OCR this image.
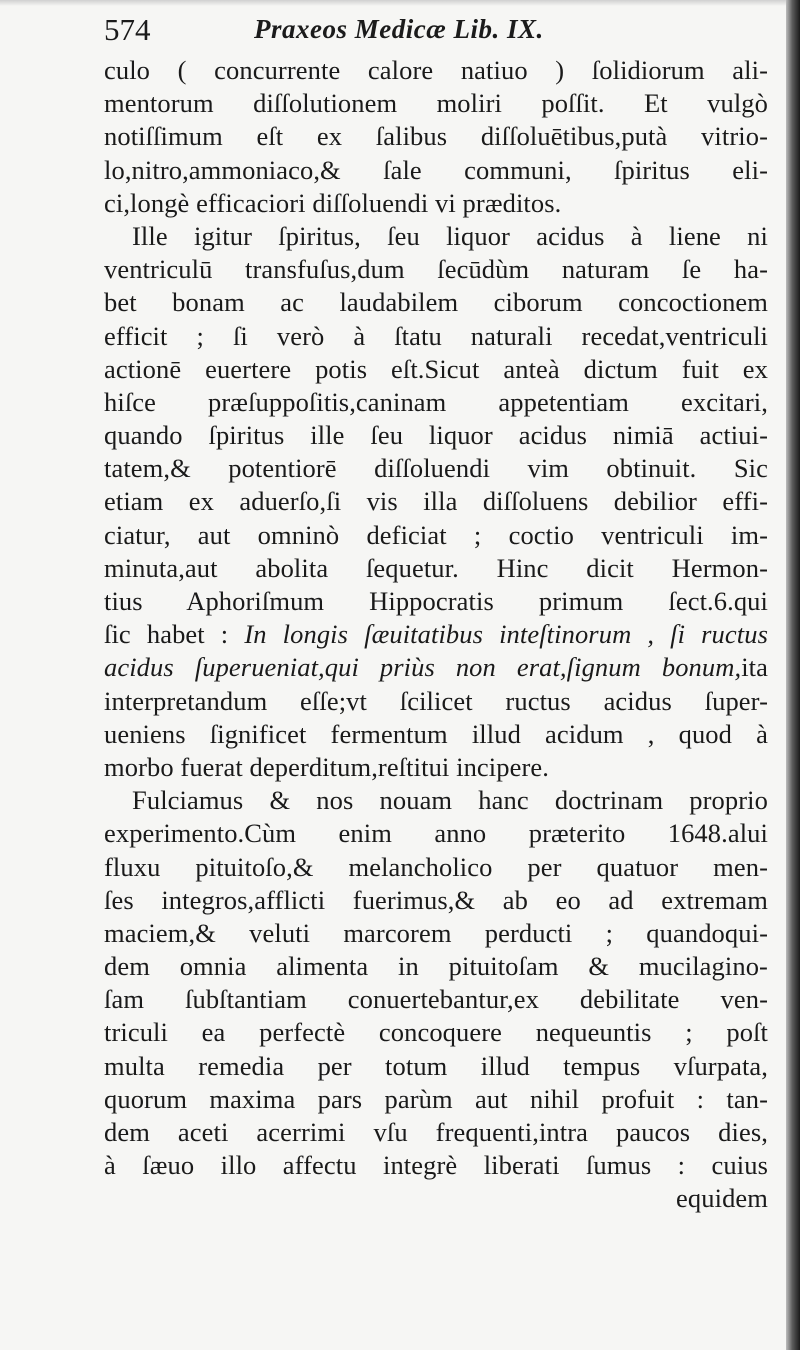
574	Praxeos Medicæ Lib. IX.
culo ( concurrente calore natiuo ) ſolidiorum ali-
mentorum diſſolutionem moliri poſſit. Et vulgò
notiſſimum eſt ex ſalibus diſſoluētibus,putà vitrio-
lo,nitro,ammoniaco,& ſale communi, ſpiritus eli-
ci,longè efficaciori diſſoluendi vi præditos.
Ille igitur ſpiritus, ſeu liquor acidus à liene ni
ventriculū transfuſus,dum ſecūdùm naturam ſe ha-
bet bonam ac laudabilem ciborum concoctionem
efficit ; ſi verò à ſtatu naturali recedat,ventriculi
actionē euertere potis eſt.Sicut anteà dictum fuit ex
hiſce præſuppoſitis,caninam appetentiam excitari,
quando ſpiritus ille ſeu liquor acidus nimiā actiui-
tatem,& potentiorē diſſoluendi vim obtinuit. Sic
etiam ex aduerſo,ſi vis illa diſſoluens debilior effi-
ciatur, aut omninò deficiat ; coctio ventriculi im-
minuta,aut abolita ſequetur. Hinc dicit Hermon-
tius Aphoriſmum Hippocratis primum ſect.6.qui
ſic habet : In longis ſæuitatibus inteſtinorum , ſi ructus
acidus ſuperueniat,qui priùs non erat,ſignum bonum,ita
interpretandum eſſe;vt ſcilicet ructus acidus ſuper-
ueniens ſignificet fermentum illud acidum , quod à
morbo fuerat deperditum,reſtitui incipere.
Fulciamus & nos nouam hanc doctrinam proprio
experimento.Cùm enim anno præterito 1648.alui
fluxu pituitoſo,& melancholico per quatuor men-
ſes integros,afflicti fuerimus,& ab eo ad extremam
maciem,& veluti marcorem perducti ; quandoqui-
dem omnia alimenta in pituitoſam & mucilagino-
ſam ſubſtantiam conuertebantur,ex debilitate ven-
triculi ea perfectè concoquere nequeuntis ; poſt
multa remedia per totum illud tempus vſurpata,
quorum maxima pars parùm aut nihil profuit : tan-
dem aceti acerrimi vſu frequenti,intra paucos dies,
à ſæuo illo affectu integrè liberati ſumus : cuius
equidem
